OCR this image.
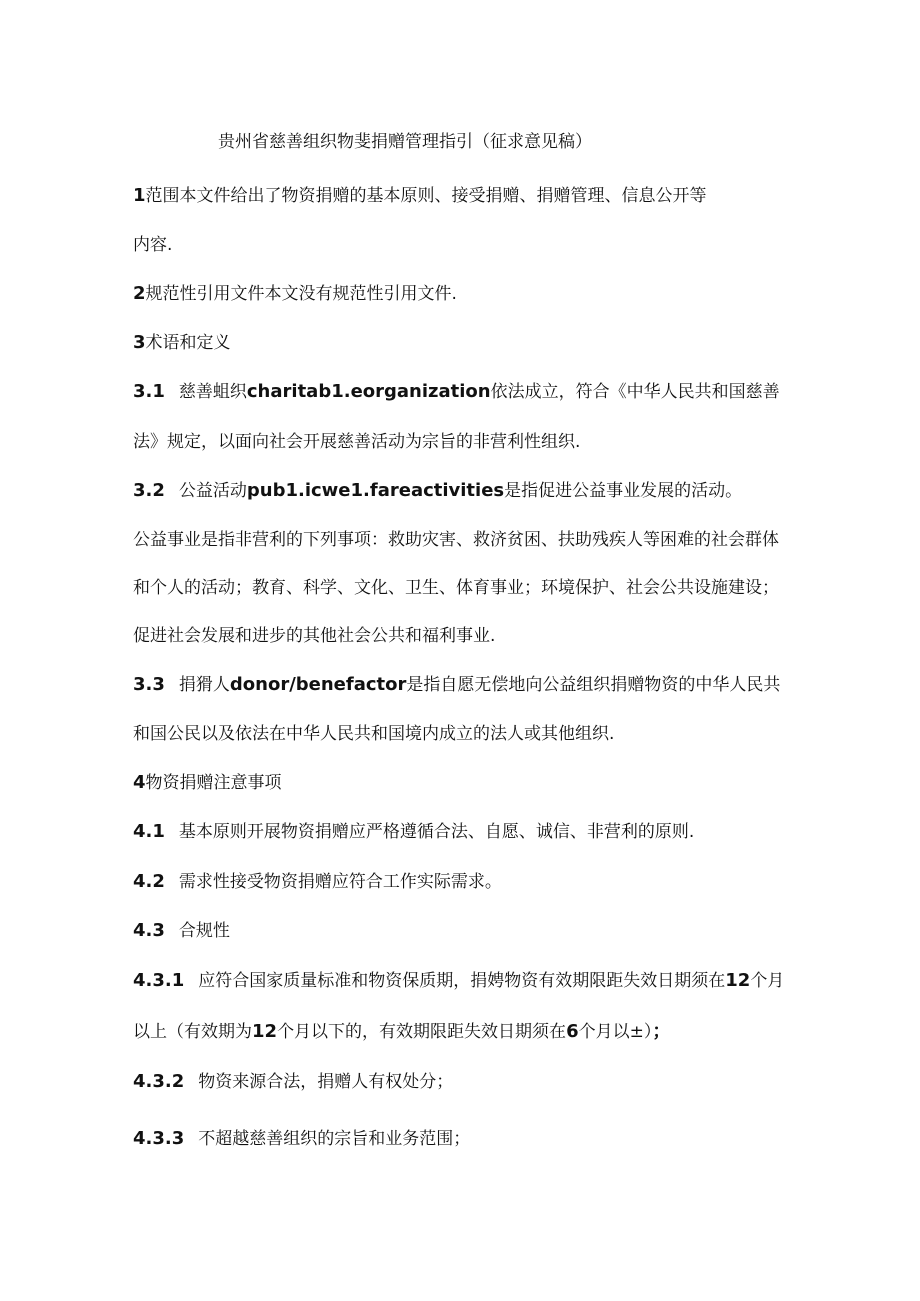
贵州省慈善组织物斐捐赠管理指引（征求意见稿）

1范围本文件给出了物资捐赠的基本原则、接受捐赠、捐赠管理、信息公开等

内容.

2规范性引用文件本文没有规范性引用文件.

3术语和定义

3.1 慈善蛆织charitab1.eorganization依法成立，符合《中华人民共和国慈善

法》规定，以面向社会开展慈善活动为宗旨的非营利性组织.

3.2 公益活动pub1.icwe1.fareactivities是指促进公益事业发展的活动。

公益事业是指非营利的下列事项：救助灾害、救济贫困、扶助残疾人等困难的社会群体

和个人的活动；教育、科学、文化、卫生、体育事业；环境保护、社会公共设施建设；

促进社会发展和进步的其他社会公共和福利事业.

3.3 捐猾人donor/benefactor是指自愿无偿地向公益组织捐赠物资的中华人民共

和国公民以及依法在中华人民共和国境内成立的法人或其他组织.

4物资捐赠注意事项

4.1 基本原则开展物资捐赠应严格遵循合法、自愿、诚信、非营利的原则.

4.2 需求性接受物资捐赠应符合工作实际需求。

4.3 合规性

4.3.1 应符合国家质量标准和物资保质期，捐娉物资有效期限距失效日期须在12个月

以上（有效期为12个月以下的，有效期限距失效日期须在6个月以±）；

4.3.2 物资来源合法，捐赠人有权处分；

4.3.3 不超越慈善组织的宗旨和业务范围；
